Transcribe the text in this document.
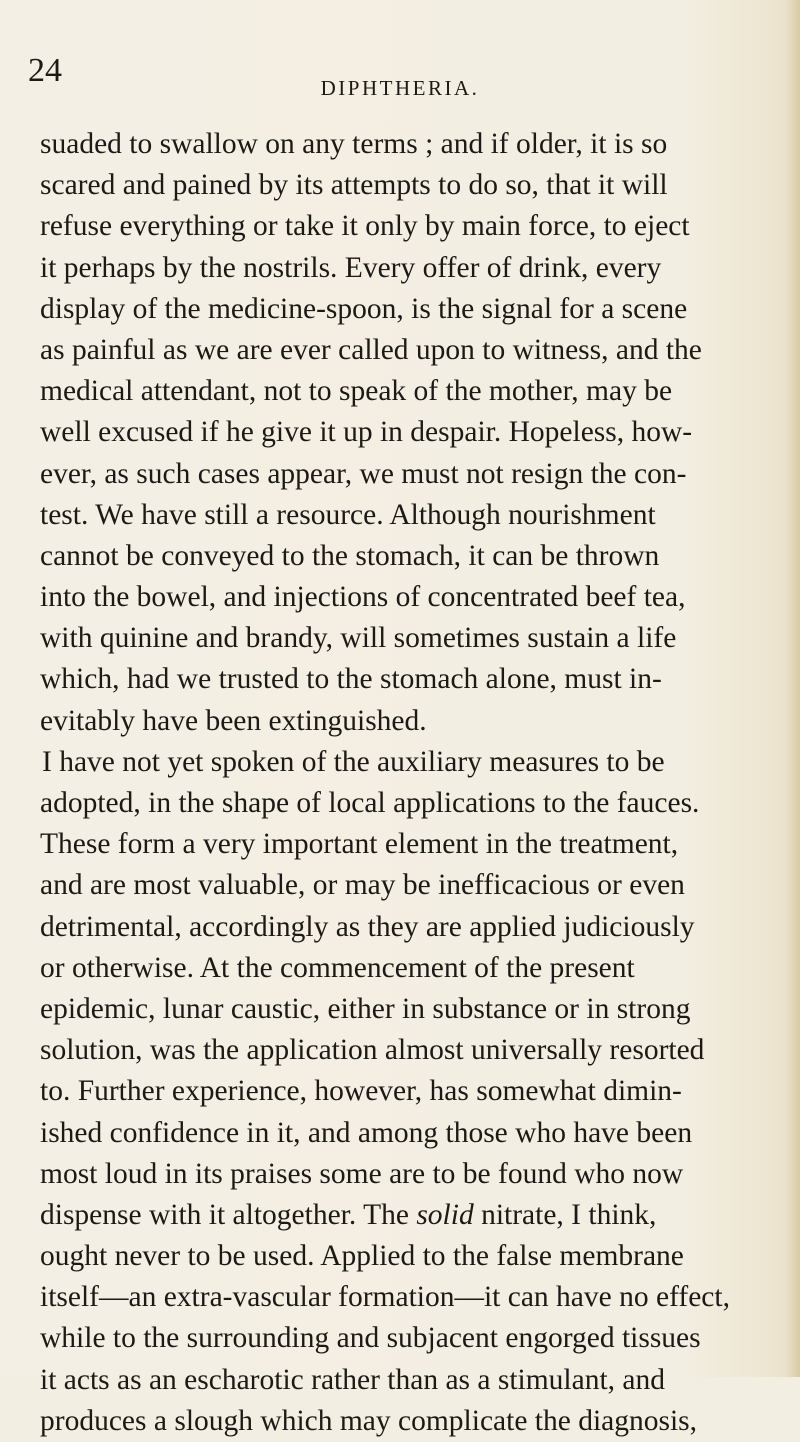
24	DIPHTHERIA.
suaded to swallow on any terms ; and if older, it is so
scared and pained by its attempts to do so, that it will
refuse everything or take it only by main force, to eject
it perhaps by the nostrils. Every offer of drink, every
display of the medicine-spoon, is the signal for a scene
as painful as we are ever called upon to witness, and the
medical attendant, not to speak of the mother, may be
well excused if he give it up in despair. Hopeless, how-
ever, as such cases appear, we must not resign the con-
test. We have still a resource. Although nourishment
cannot be conveyed to the stomach, it can be thrown
into the bowel, and injections of concentrated beef tea,
with quinine and brandy, will sometimes sustain a life
which, had we trusted to the stomach alone, must in-
evitably have been extinguished.
I have not yet spoken of the auxiliary measures to be
adopted, in the shape of local applications to the fauces.
These form a very important element in the treatment,
and are most valuable, or may be inefficacious or even
detrimental, accordingly as they are applied judiciously
or otherwise. At the commencement of the present
epidemic, lunar caustic, either in substance or in strong
solution, was the application almost universally resorted
to. Further experience, however, has somewhat dimin-
ished confidence in it, and among those who have been
most loud in its praises some are to be found who now
dispense with it altogether. The solid nitrate, I think,
ought never to be used. Applied to the false membrane
itself—an extra-vascular formation—it can have no effect,
while to the surrounding and subjacent engorged tissues
it acts as an escharotic rather than as a stimulant, and
produces a slough which may complicate the diagnosis,
